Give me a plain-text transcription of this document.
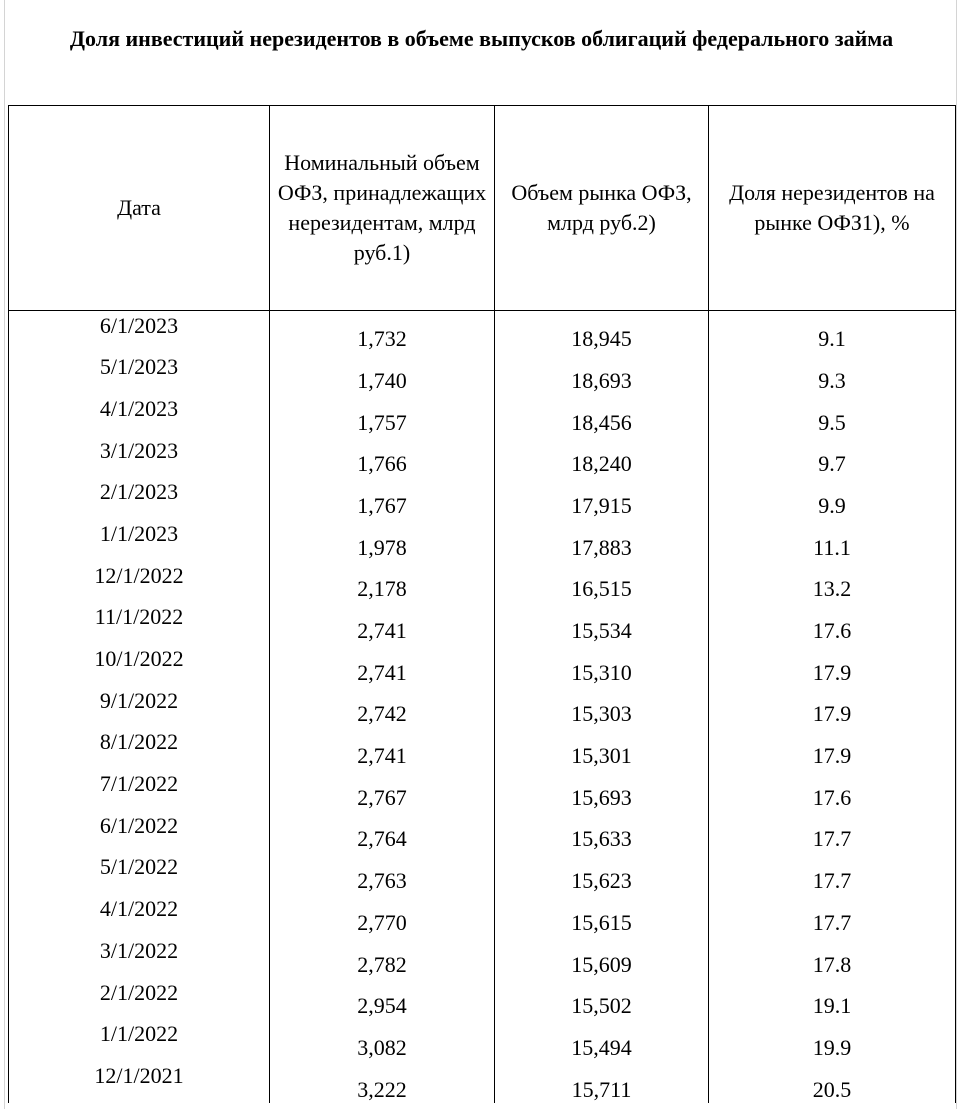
Доля инвестиций нерезидентов в объеме выпусков облигаций федерального займа
Дата	Номинальный объем ОФЗ, принадлежащих нерезидентам, млрд руб.1)	Объем рынка ОФЗ, млрд руб.2)	Доля нерезидентов на рынке ОФЗ1), %
6/1/2023	1,732	18,945	9.1
5/1/2023	1,740	18,693	9.3
4/1/2023	1,757	18,456	9.5
3/1/2023	1,766	18,240	9.7
2/1/2023	1,767	17,915	9.9
1/1/2023	1,978	17,883	11.1
12/1/2022	2,178	16,515	13.2
11/1/2022	2,741	15,534	17.6
10/1/2022	2,741	15,310	17.9
9/1/2022	2,742	15,303	17.9
8/1/2022	2,741	15,301	17.9
7/1/2022	2,767	15,693	17.6
6/1/2022	2,764	15,633	17.7
5/1/2022	2,763	15,623	17.7
4/1/2022	2,770	15,615	17.7
3/1/2022	2,782	15,609	17.8
2/1/2022	2,954	15,502	19.1
1/1/2022	3,082	15,494	19.9
12/1/2021	3,222	15,711	20.5
